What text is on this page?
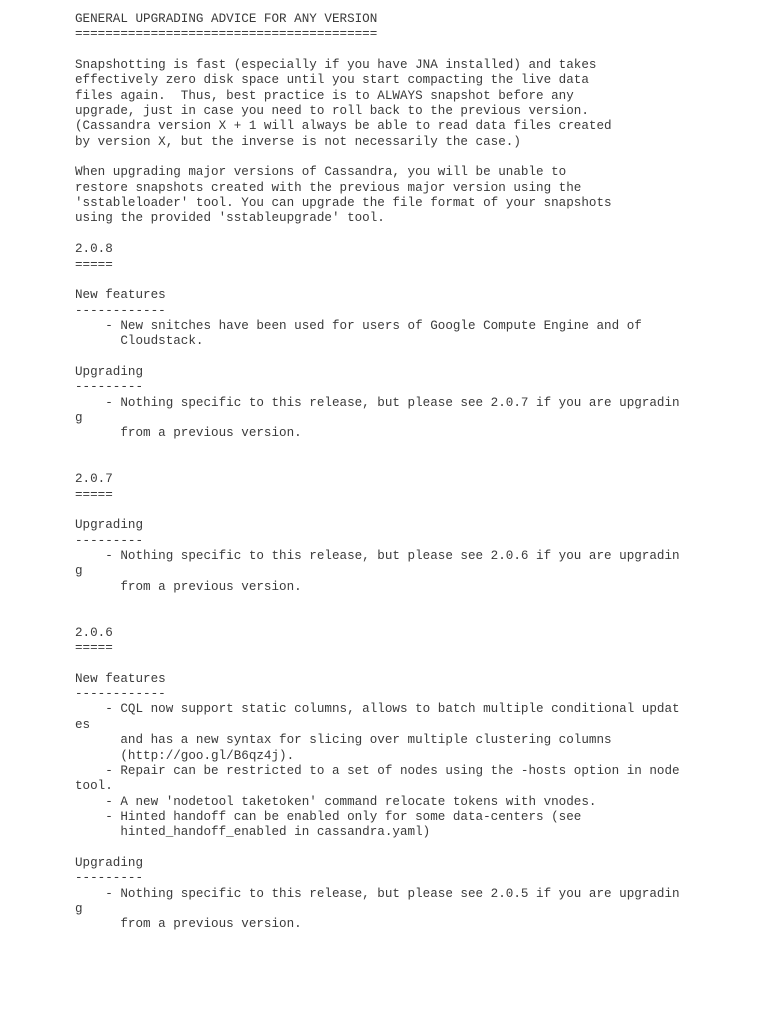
GENERAL UPGRADING ADVICE FOR ANY VERSION
========================================
Snapshotting is fast (especially if you have JNA installed) and takes
effectively zero disk space until you start compacting the live data
files again.  Thus, best practice is to ALWAYS snapshot before any
upgrade, just in case you need to roll back to the previous version.
(Cassandra version X + 1 will always be able to read data files created
by version X, but the inverse is not necessarily the case.)
When upgrading major versions of Cassandra, you will be unable to
restore snapshots created with the previous major version using the
'sstableloader' tool. You can upgrade the file format of your snapshots
using the provided 'sstableupgrade' tool.
2.0.8
=====
New features
------------
- New snitches have been used for users of Google Compute Engine and of
Cloudstack.
Upgrading
---------
- Nothing specific to this release, but please see 2.0.7 if you are upgradin
g
from a previous version.
2.0.7
=====
Upgrading
---------
- Nothing specific to this release, but please see 2.0.6 if you are upgradin
g
from a previous version.
2.0.6
=====
New features
------------
- CQL now support static columns, allows to batch multiple conditional updat
es
and has a new syntax for slicing over multiple clustering columns
(http://goo.gl/B6qz4j).
- Repair can be restricted to a set of nodes using the -hosts option in node
tool.
- A new 'nodetool taketoken' command relocate tokens with vnodes.
- Hinted handoff can be enabled only for some data-centers (see
hinted_handoff_enabled in cassandra.yaml)
Upgrading
---------
- Nothing specific to this release, but please see 2.0.5 if you are upgradin
g
from a previous version.
